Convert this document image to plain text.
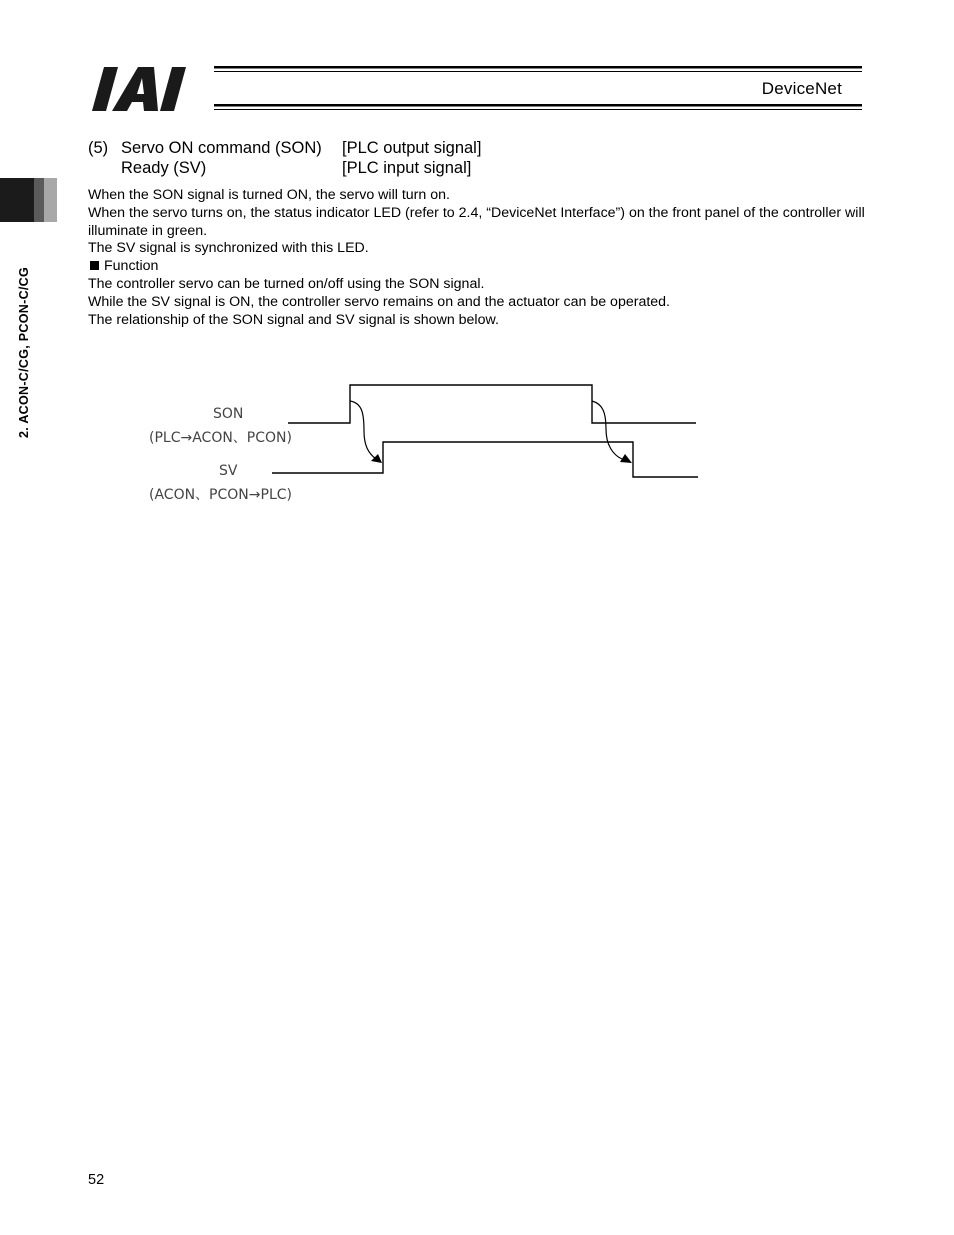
DeviceNet
2. ACON-C/CG, PCON-C/CG
(5) Servo ON command (SON) [PLC output signal]
Ready (SV)	[PLC input signal]

When the SON signal is turned ON, the servo will turn on.

When the servo turns on, the status indicator LED (refer to 2.4, “DeviceNet Interface”) on the front panel of the controller will illuminate in green.

The SV signal is synchronized with this LED.

Function

The controller servo can be turned on/off using the SON signal.

While the SV signal is ON, the controller servo remains on and the actuator can be operated.

The relationship of the SON signal and SV signal is shown below.

SON
(PLC→ACON、PCON)
SV
(ACON、PCON→PLC)
52
